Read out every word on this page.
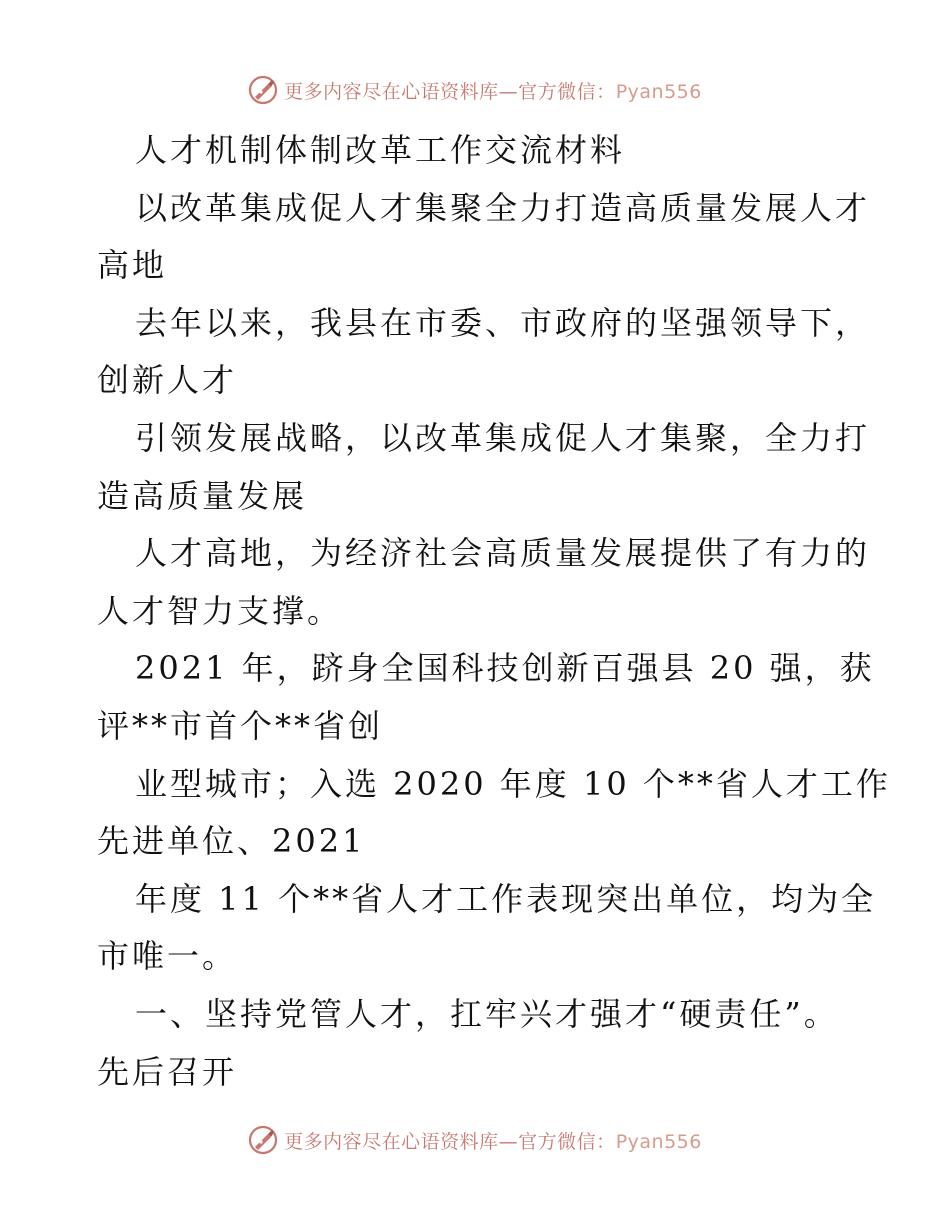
更多内容尽在心语资料库—官方微信：Pyan556
人才机制体制改革工作交流材料
以改革集成促人才集聚全力打造高质量发展人才
高地
去年以来，我县在市委、市政府的坚强领导下，
创新人才
引领发展战略，以改革集成促人才集聚，全力打
造高质量发展
人才高地，为经济社会高质量发展提供了有力的
人才智力支撑。
2021 年，跻身全国科技创新百强县 20 强，获
评**市首个**省创
业型城市；入选 2020 年度 10 个**省人才工作
先进单位、2021
年度 11 个**省人才工作表现突出单位，均为全
市唯一。
一、坚持党管人才，扛牢兴才强才“硬责任”。
先后召开
更多内容尽在心语资料库—官方微信：Pyan556
